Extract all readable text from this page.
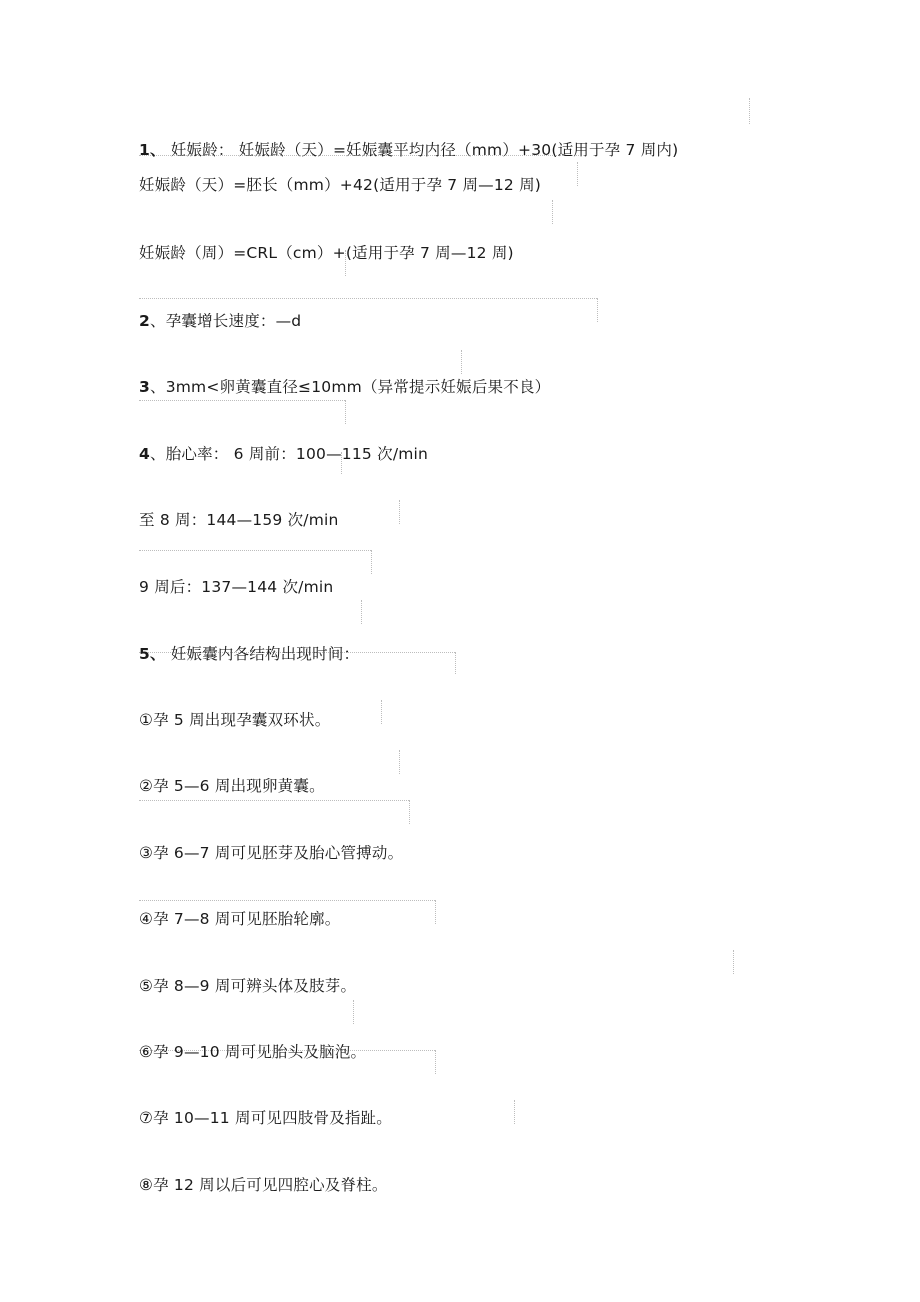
1、 妊娠龄： 妊娠龄（天）=妊娠囊平均内径（mm）+30(适用于孕 7 周内)
妊娠龄（天）=胚长（mm）+42(适用于孕 7 周—12 周)
妊娠龄（周）=CRL（cm）+(适用于孕 7 周—12 周)
2、孕囊增长速度：—d
3、3mm<卵黄囊直径≤10mm（异常提示妊娠后果不良）
4、胎心率： 6 周前：100—115 次/min
至 8 周：144—159 次/min
9 周后：137—144 次/min
5、 妊娠囊内各结构出现时间：
①孕 5 周出现孕囊双环状。
②孕 5—6 周出现卵黄囊。
③孕 6—7 周可见胚芽及胎心管搏动。
④孕 7—8 周可见胚胎轮廓。
⑤孕 8—9 周可辨头体及肢芽。
⑥孕 9—10 周可见胎头及脑泡。
⑦孕 10—11 周可见四肢骨及指趾。
⑧孕 12 周以后可见四腔心及脊柱。
